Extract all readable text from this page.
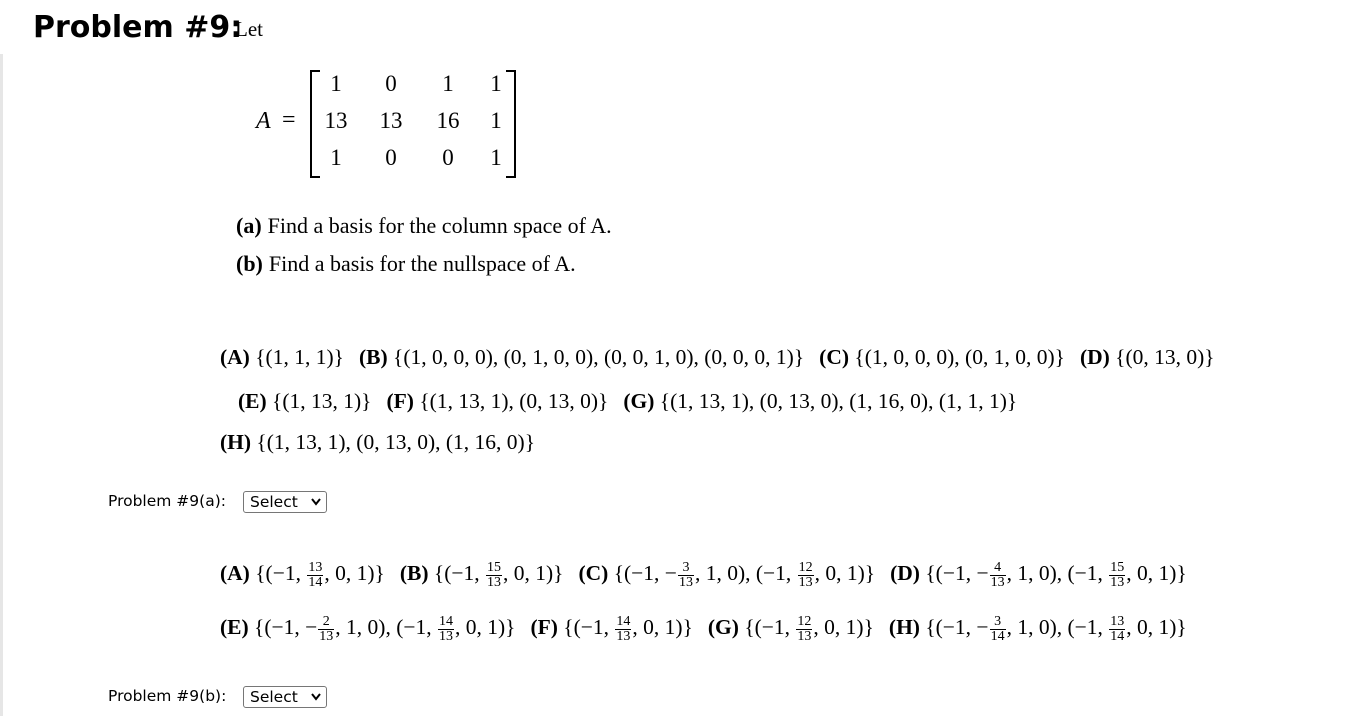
Problem #9:
Let
A =
1	0	1	1
13	13	16	1
1	0	0	1
(a) Find a basis for the column space of A.
(b) Find a basis for the nullspace of A.
(A) {(1, 1, 1)} (B) {(1, 0, 0, 0), (0, 1, 0, 0), (0, 0, 1, 0), (0, 0, 0, 1)} (C) {(1, 0, 0, 0), (0, 1, 0, 0)} (D) {(0, 13, 0)}
(E) {(1, 13, 1)} (F) {(1, 13, 1), (0, 13, 0)} (G) {(1, 13, 1), (0, 13, 0), (1, 16, 0), (1, 1, 1)}
(H) {(1, 13, 1), (0, 13, 0), (1, 16, 0)}
Problem #9(a):	Select
(A) {(−1, $\frac{13}{14}$ , 0, 1)} (B) {(−1, $\frac{15}{13}$ , 0, 1)} (C) {(−1, − $\frac{3}{13}$ , 1, 0), (−1, $\frac{12}{13}$ , 0, 1)} (D) {(−1, − $\frac{4}{13}$ , 1, 0), (−1, $\frac{15}{13}$ , 0, 1)}
(E) {(−1, − $\frac{2}{13}$ , 1, 0), (−1, $\frac{14}{13}$ , 0, 1)} (F) {(−1, $\frac{14}{13}$ , 0, 1)} (G) {(−1, $\frac{12}{13}$ , 0, 1)} (H) {(−1, − $\frac{3}{14}$ , 1, 0), (−1, $\frac{13}{14}$ , 0, 1)}
Problem #9(b):	Select
